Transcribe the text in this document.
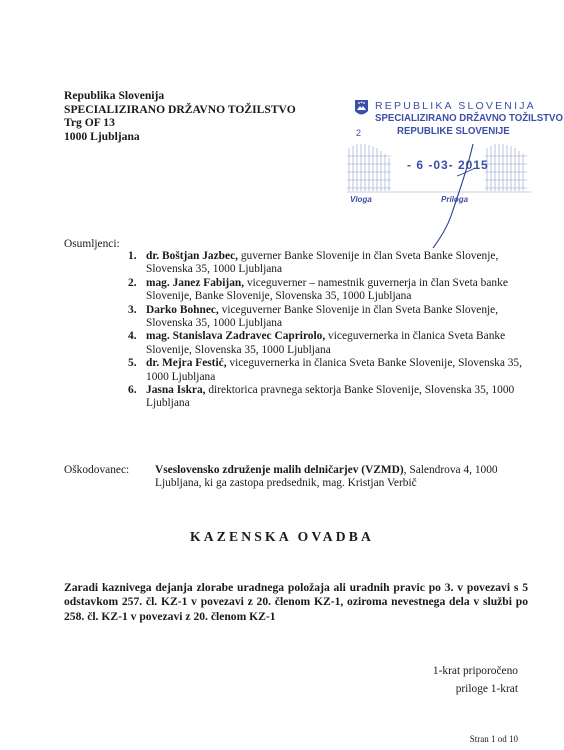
Republika Slovenija
SPECIALIZIRANO DRŽAVNO TOŽILSTVO
Trg OF 13
1000 Ljubljana
REPUBLIKA SLOVENIJA
SPECIALIZIRANO DRŽAVNO TOŽILSTVO
REPUBLIKE SLOVENIJE
2
- 6 -03- 2015
Vloga	Priloga
Osumljenci:

1. dr. Boštjan Jazbec, guverner Banke Slovenije in član Sveta Banke Slovenje, Slovenska 35, 1000 Ljubljana

2. mag. Janez Fabijan, viceguverner – namestnik guvernerja in član Sveta banke Slovenije, Banke Slovenije, Slovenska 35, 1000 Ljubljana

3. Darko Bohnec, viceguverner Banke Slovenije in član Sveta Banke Slovenje, Slovenska 35, 1000 Ljubljana

4. mag. Stanislava Zadravec Caprirolo, viceguvernerka in članica Sveta Banke Slovenije, Slovenska 35, 1000 Ljubljana

5. dr. Mejra Festić, viceguvernerka in članica Sveta Banke Slovenije, Slovenska 35, 1000 Ljubljana

6. Jasna Iskra, direktorica pravnega sektorja Banke Slovenije, Slovenska 35, 1000 Ljubljana

Oškodovanec: Vseslovensko združenje malih delničarjev (VZMD), Salendrova 4, 1000 Ljubljana, ki ga zastopa predsednik, mag. Kristjan Verbič
KAZENSKA OVADBA
Zaradi kaznivega dejanja zlorabe uradnega položaja ali uradnih pravic po 3. v povezavi s 5 odstavkom 257. čl. KZ-1 v povezavi z 20. členom KZ-1, oziroma nevestnega dela v službi po 258. čl. KZ-1 v povezavi z 20. členom KZ-1
1-krat priporočeno
priloge 1-krat
Stran 1 od 10
